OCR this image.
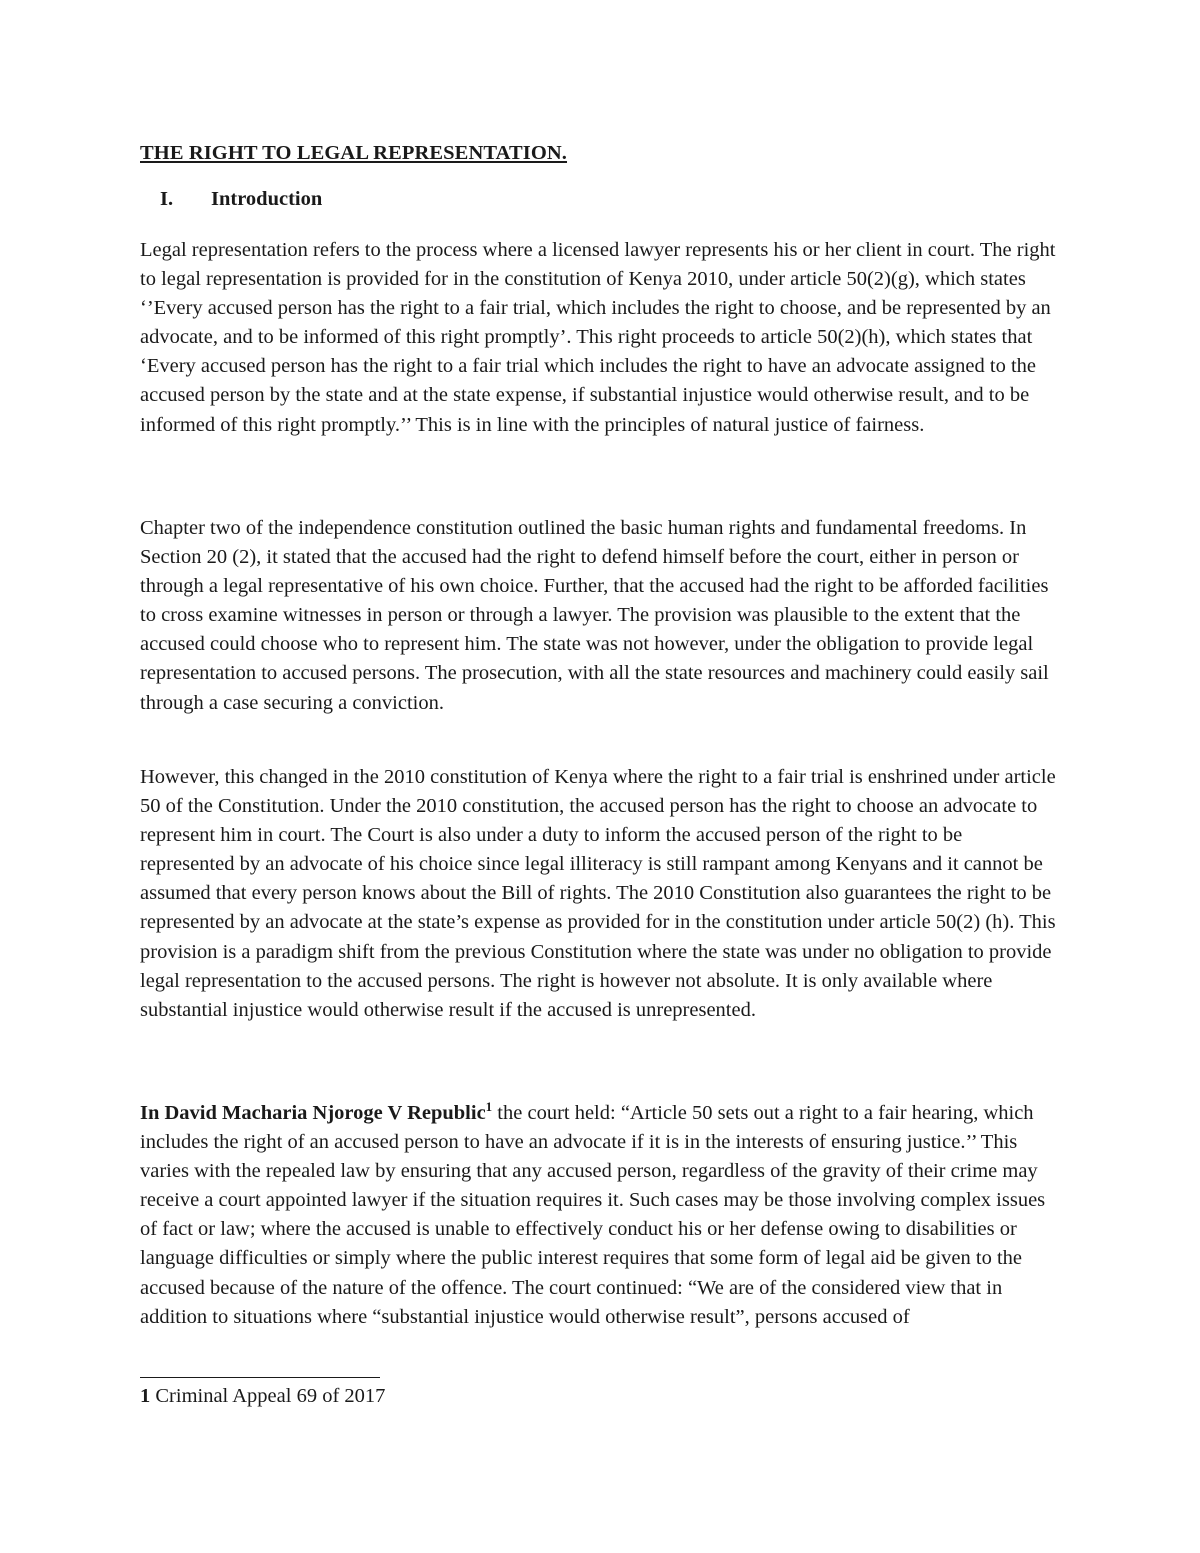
THE RIGHT TO LEGAL REPRESENTATION.
I. Introduction

Legal representation refers to the process where a licensed lawyer represents his or her client in court. The right to legal representation is provided for in the constitution of Kenya 2010, under article 50(2)(g), which states ‘’Every accused person has the right to a fair trial, which includes the right to choose, and be represented by an advocate, and to be informed of this right promptly’. This right proceeds to article 50(2)(h), which states that ‘Every accused person has the right to a fair trial which includes the right to have an advocate assigned to the accused person by the state and at the state expense, if substantial injustice would otherwise result, and to be informed of this right promptly.’’ This is in line with the principles of natural justice of fairness.

Chapter two of the independence constitution outlined the basic human rights and fundamental freedoms. In Section 20 (2), it stated that the accused had the right to defend himself before the court, either in person or through a legal representative of his own choice. Further, that the accused had the right to be afforded facilities to cross examine witnesses in person or through a lawyer. The provision was plausible to the extent that the accused could choose who to represent him. The state was not however, under the obligation to provide legal representation to accused persons. The prosecution, with all the state resources and machinery could easily sail through a case securing a conviction.

However, this changed in the 2010 constitution of Kenya where the right to a fair trial is enshrined under article 50 of the Constitution. Under the 2010 constitution, the accused person has the right to choose an advocate to represent him in court. The Court is also under a duty to inform the accused person of the right to be represented by an advocate of his choice since legal illiteracy is still rampant among Kenyans and it cannot be assumed that every person knows about the Bill of rights. The 2010 Constitution also guarantees the right to be represented by an advocate at the state’s expense as provided for in the constitution under article 50(2) (h). This provision is a paradigm shift from the previous Constitution where the state was under no obligation to provide legal representation to the accused persons. The right is however not absolute. It is only available where substantial injustice would otherwise result if the accused is unrepresented.

In David Macharia Njoroge V Republic$^1$ the court held: “Article 50 sets out a right to a fair hearing, which includes the right of an accused person to have an advocate if it is in the interests of ensuring justice.’’ This varies with the repealed law by ensuring that any accused person, regardless of the gravity of their crime may receive a court appointed lawyer if the situation requires it. Such cases may be those involving complex issues of fact or law; where the accused is unable to effectively conduct his or her defense owing to disabilities or language difficulties or simply where the public interest requires that some form of legal aid be given to the accused because of the nature of the offence. The court continued: “We are of the considered view that in addition to situations where “substantial injustice would otherwise result”, persons accused of

1 Criminal Appeal 69 of 2017
